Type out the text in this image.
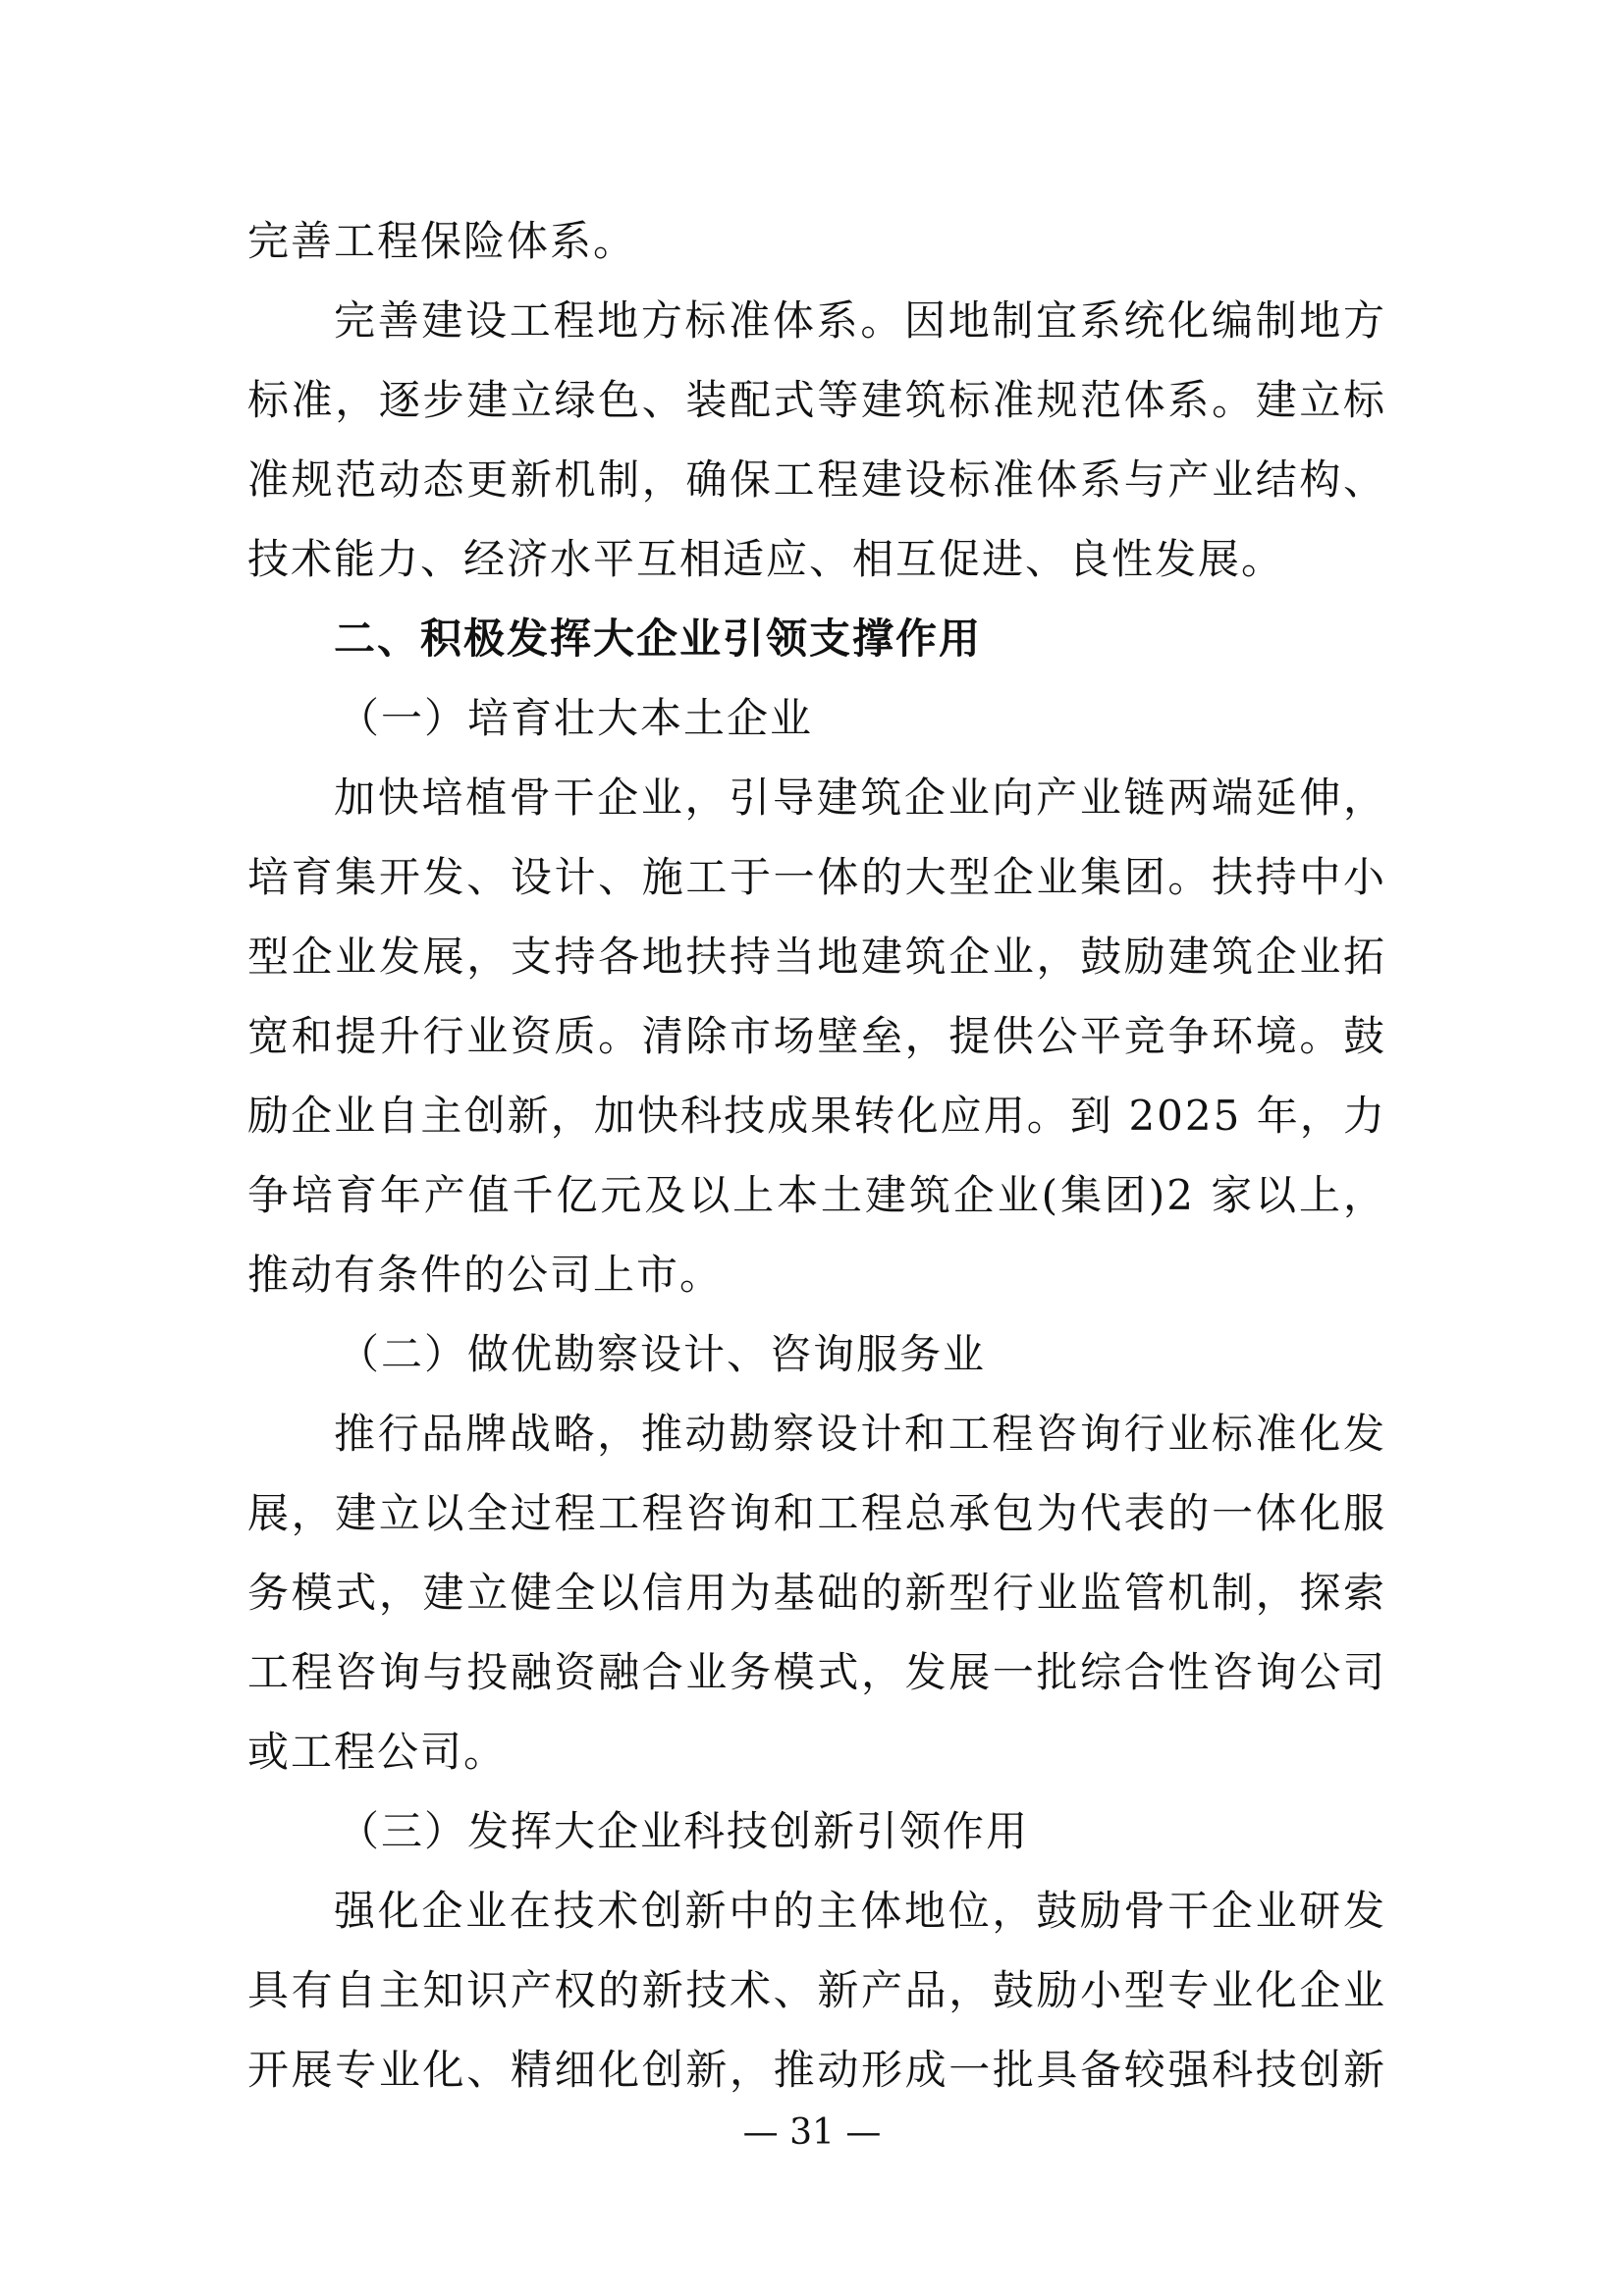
完善工程保险体系。
完善建设工程地方标准体系。因地制宜系统化编制地方
标准，逐步建立绿色、装配式等建筑标准规范体系。建立标
准规范动态更新机制，确保工程建设标准体系与产业结构、
技术能力、经济水平互相适应、相互促进、良性发展。
二、积极发挥大企业引领支撑作用
（一）培育壮大本土企业
加快培植骨干企业，引导建筑企业向产业链两端延伸，
培育集开发、设计、施工于一体的大型企业集团。扶持中小
型企业发展，支持各地扶持当地建筑企业，鼓励建筑企业拓
宽和提升行业资质。清除市场壁垒，提供公平竞争环境。鼓
励企业自主创新，加快科技成果转化应用。到 2025 年，力
争培育年产值千亿元及以上本土建筑企业(集团)2 家以上，
推动有条件的公司上市。
（二）做优勘察设计、咨询服务业
推行品牌战略，推动勘察设计和工程咨询行业标准化发
展，建立以全过程工程咨询和工程总承包为代表的一体化服
务模式，建立健全以信用为基础的新型行业监管机制，探索
工程咨询与投融资融合业务模式，发展一批综合性咨询公司
或工程公司。
（三）发挥大企业科技创新引领作用
强化企业在技术创新中的主体地位，鼓励骨干企业研发
具有自主知识产权的新技术、新产品，鼓励小型专业化企业
开展专业化、精细化创新，推动形成一批具备较强科技创新
— 31 —
